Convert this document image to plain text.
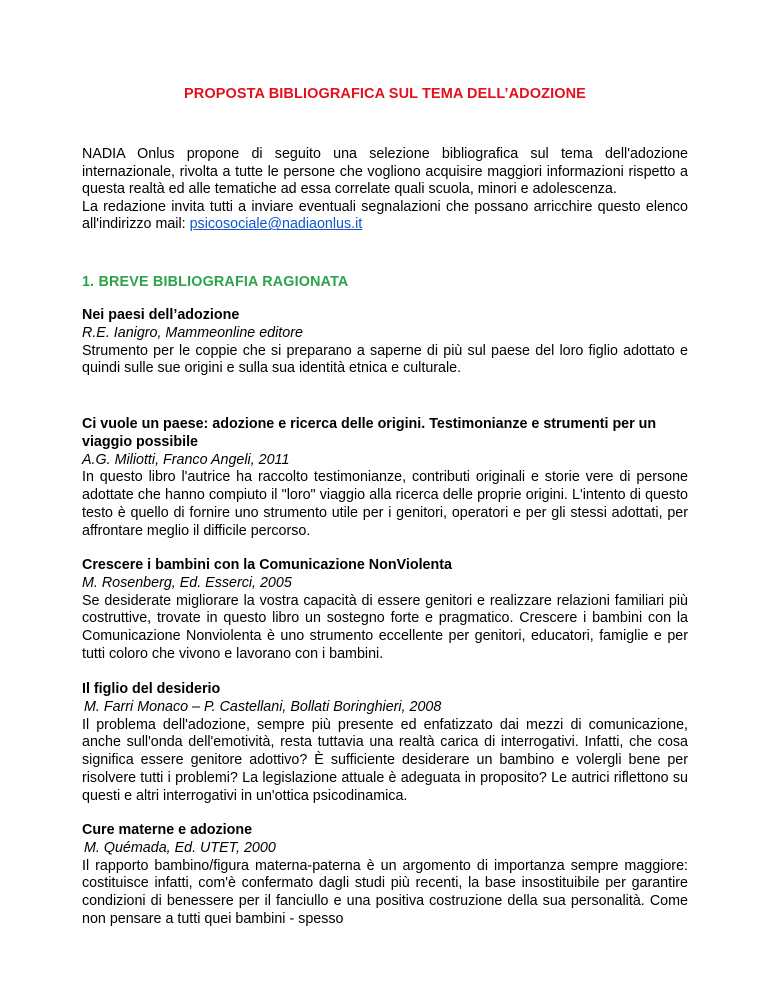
PROPOSTA BIBLIOGRAFICA SUL TEMA DELL’ADOZIONE

NADIA Onlus propone di seguito una selezione bibliografica sul tema dell'adozione internazionale, rivolta a tutte le persone che vogliono acquisire maggiori informazioni rispetto a questa realtà ed alle tematiche ad essa correlate quali scuola, minori e adolescenza.

La redazione invita tutti a inviare eventuali segnalazioni che possano arricchire questo elenco all'indirizzo mail: psicosociale@nadiaonlus.it

1. BREVE BIBLIOGRAFIA RAGIONATA
Nei paesi dell’adozione
R.E. Ianigro, Mammeonline editore
Strumento per le coppie che si preparano a saperne di più sul paese del loro figlio adottato e quindi sulle sue origini e sulla sua identità etnica e culturale.
Ci vuole un paese: adozione e ricerca delle origini. Testimonianze e strumenti per un viaggio possibile
A.G. Miliotti, Franco Angeli, 2011
In questo libro l'autrice ha raccolto testimonianze, contributi originali e storie vere di persone adottate che hanno compiuto il "loro" viaggio alla ricerca delle proprie origini. L'intento di questo testo è quello di fornire uno strumento utile per i genitori, operatori e per gli stessi adottati, per affrontare meglio il difficile percorso.
Crescere i bambini con la Comunicazione NonViolenta
M. Rosenberg, Ed. Esserci, 2005
Se desiderate migliorare la vostra capacità di essere genitori e realizzare relazioni familiari più costruttive, trovate in questo libro un sostegno forte e pragmatico. Crescere i bambini con la Comunicazione Nonviolenta è uno strumento eccellente per genitori, educatori, famiglie e per tutti coloro che vivono e lavorano con i bambini.
Il figlio del desiderio
M. Farri Monaco – P. Castellani, Bollati Boringhieri, 2008
Il problema dell'adozione, sempre più presente ed enfatizzato dai mezzi di comunicazione, anche sull'onda dell'emotività, resta tuttavia una realtà carica di interrogativi. Infatti, che cosa significa essere genitore adottivo? È sufficiente desiderare un bambino e volergli bene per risolvere tutti i problemi? La legislazione attuale è adeguata in proposito? Le autrici riflettono su questi e altri interrogativi in un'ottica psicodinamica.
Cure materne e adozione
M. Quémada, Ed. UTET, 2000
Il rapporto bambino/figura materna-paterna è un argomento di importanza sempre maggiore: costituisce infatti, com'è confermato dagli studi più recenti, la base insostituibile per garantire condizioni di benessere per il fanciullo e una positiva costruzione della sua personalità. Come non pensare a tutti quei bambini - spesso
